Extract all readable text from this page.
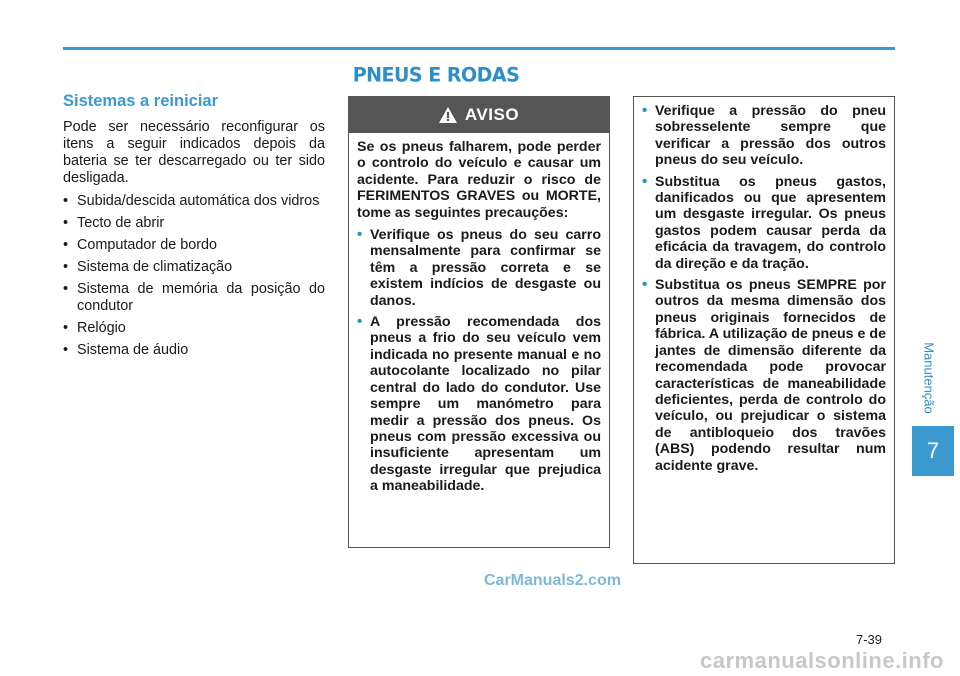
PNEUS E RODAS
Sistemas a reiniciar

Pode ser necessário reconfigurar os itens a seguir indicados depois da bateria se ter descarregado ou ter sido desligada.

• Subida/descida automática dos vidros
• Tecto de abrir
• Computador de bordo
• Sistema de climatização
• Sistema de memória da posição do condutor
• Relógio
• Sistema de áudio
AVISO

Se os pneus falharem, pode perder o controlo do veículo e causar um acidente. Para reduzir o risco de FERIMENTOS GRAVES ou MORTE, tome as seguintes precauções:

• Verifique os pneus do seu carro mensalmente para confirmar se têm a pressão correta e se existem indícios de desgaste ou danos.
• A pressão recomendada dos pneus a frio do seu veículo vem indicada no presente manual e no autocolante localizado no pilar central do lado do condutor. Use sempre um manómetro para medir a pressão dos pneus. Os pneus com pressão excessiva ou insuficiente apresentam um desgaste irregular que prejudica a maneabilidade.
• Verifique a pressão do pneu sobresselente sempre que verificar a pressão dos outros pneus do seu veículo.
• Substitua os pneus gastos, danificados ou que apresentem um desgaste irregular. Os pneus gastos podem causar perda da eficácia da travagem, do controlo da direção e da tração.
• Substitua os pneus SEMPRE por outros da mesma dimensão dos pneus originais fornecidos de fábrica. A utilização de pneus e de jantes de dimensão diferente da recomendada pode provocar características de maneabilidade deficientes, perda de controlo do veículo, ou prejudicar o sistema de antibloqueio dos travões (ABS) podendo resultar num acidente grave.
Manutenção
7
CarManuals2.com
7-39
carmanualsonline.info
